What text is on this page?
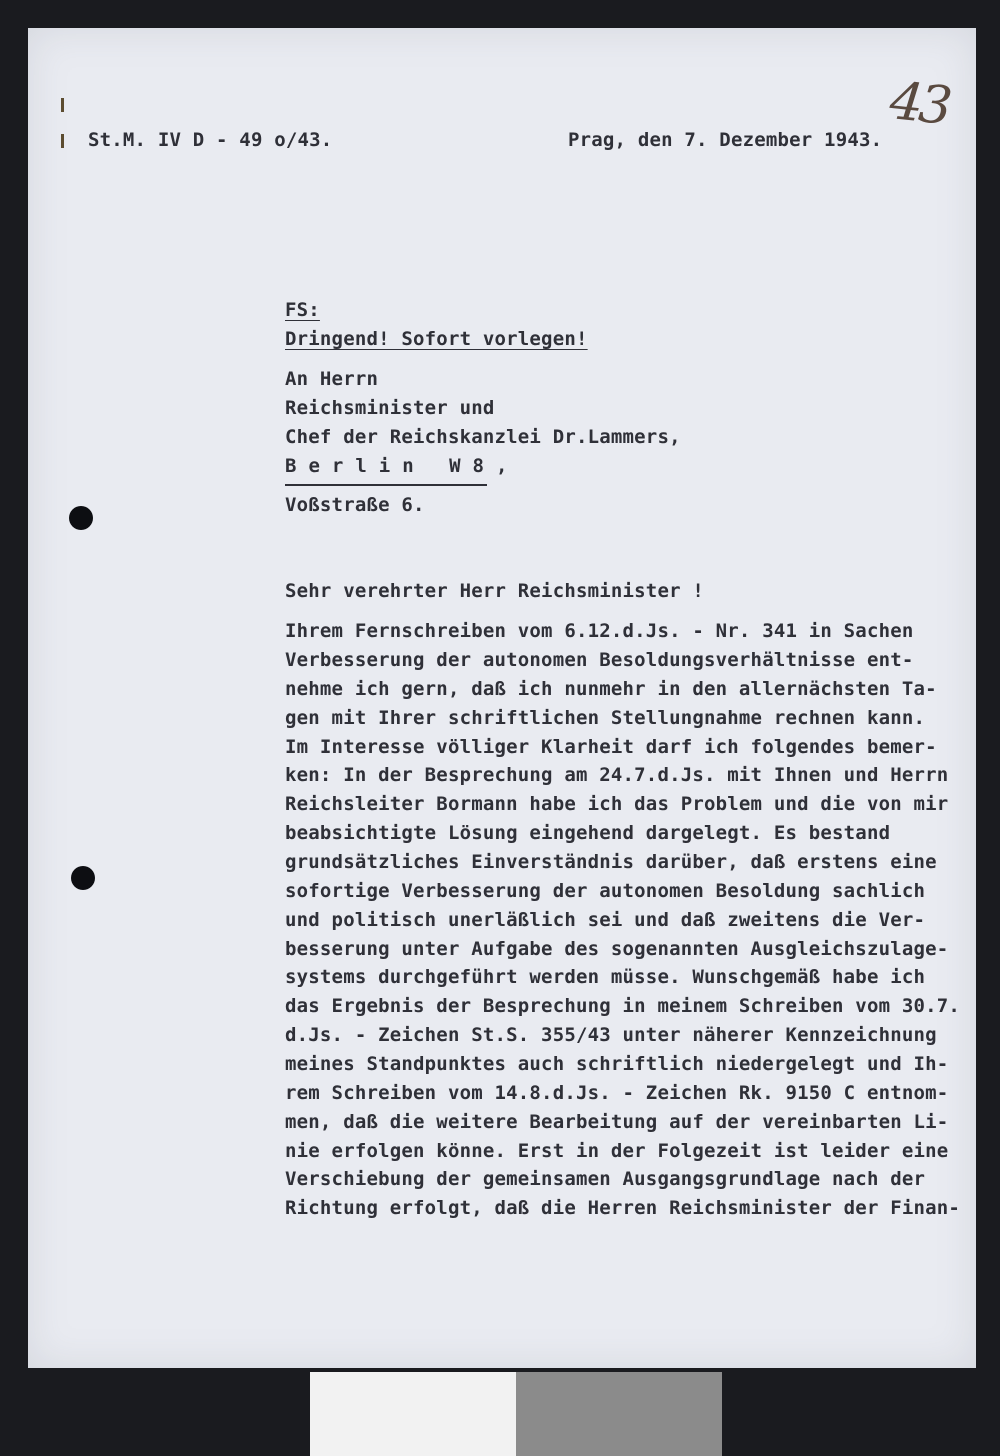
St.M. IV D - 49 o/43.	Prag, den 7. Dezember 1943.
43
FS:
Dringend! Sofort vorlegen!
An Herrn
Reichsminister und
Chef der Reichskanzlei Dr.Lammers,
Berlin W8,
Voßstraße 6.
Sehr verehrter Herr Reichsminister !
Ihrem Fernschreiben vom 6.12.d.Js. - Nr. 341 in Sachen
Verbesserung der autonomen Besoldungsverhältnisse ent-
nehme ich gern, daß ich nunmehr in den allernächsten Ta-
gen mit Ihrer schriftlichen Stellungnahme rechnen kann.
Im Interesse völliger Klarheit darf ich folgendes bemer-
ken: In der Besprechung am 24.7.d.Js. mit Ihnen und Herrn
Reichsleiter Bormann habe ich das Problem und die von mir
beabsichtigte Lösung eingehend dargelegt. Es bestand
grundsätzliches Einverständnis darüber, daß erstens eine
sofortige Verbesserung der autonomen Besoldung sachlich
und politisch unerläßlich sei und daß zweitens die Ver-
besserung unter Aufgabe des sogenannten Ausgleichszulage-
systems durchgeführt werden müsse. Wunschgemäß habe ich
das Ergebnis der Besprechung in meinem Schreiben vom 30.7.
d.Js. - Zeichen St.S. 355/43 unter näherer Kennzeichnung
meines Standpunktes auch schriftlich niedergelegt und Ih-
rem Schreiben vom 14.8.d.Js. - Zeichen Rk. 9150 C entnom-
men, daß die weitere Bearbeitung auf der vereinbarten Li-
nie erfolgen könne. Erst in der Folgezeit ist leider eine
Verschiebung der gemeinsamen Ausgangsgrundlage nach der
Richtung erfolgt, daß die Herren Reichsminister der Finan-
